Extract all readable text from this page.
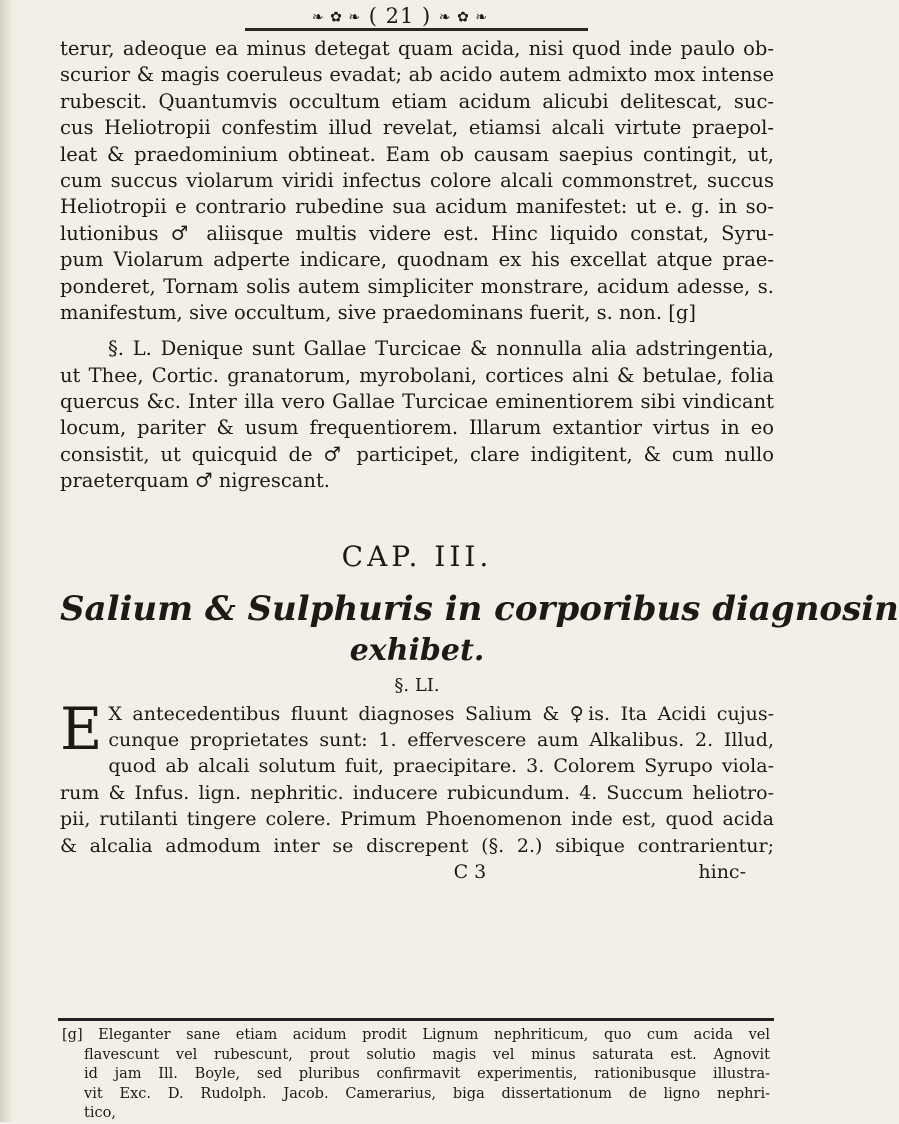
❧ ✿ ❧ ( 21 ) ❧ ✿ ❧
terur, adeoque ea minus detegat quam acida, nisi quod inde paulo ob-
scurior & magis coeruleus evadat; ab acido autem admixto mox intense
rubescit. Quantumvis occultum etiam acidum alicubi delitescat, suc-
cus Heliotropii confestim illud revelat, etiamsi alcali virtute praepol-
leat & praedominium obtineat. Eam ob causam saepius contingit, ut,
cum succus violarum viridi infectus colore alcali commonstret, succus
Heliotropii e contrario rubedine sua acidum manifestet: ut e. g. in so-
lutionibus ♂ aliisque multis videre est. Hinc liquido constat, Syru-
pum Violarum adperte indicare, quodnam ex his excellat atque prae-
ponderet, Tornam solis autem simpliciter monstrare, acidum adesse, s.
manifestum, sive occultum, sive praedominans fuerit, s. non. [g]
§. L. Denique sunt Gallae Turcicae & nonnulla alia adstringentia,
ut Thee, Cortic. granatorum, myrobolani, cortices alni & betulae, folia
quercus &c. Inter illa vero Gallae Turcicae eminentiorem sibi vindicant
locum, pariter & usum frequentiorem. Illarum extantior virtus in eo
consistit, ut quicquid de ♂ participet, clare indigitent, & cum nullo
praeterquam ♂ nigrescant.
CAP. III.
Salium & Sulphuris in corporibus diagnosin
exhibet.
§. LI.
E X antecedentibus fluunt diagnoses Salium & ♀is. Ita Acidi cujus-
cunque proprietates sunt: 1. effervescere aum Alkalibus. 2. Illud,
quod ab alcali solutum fuit, praecipitare. 3. Colorem Syrupo viola-
rum & Infus. lign. nephritic. inducere rubicundum. 4. Succum heliotro-
pii, rutilanti tingere colere. Primum Phoenomenon inde est, quod acida
& alcalia admodum inter se discrepent (§. 2.) sibique contrarientur;
C 3	hinc-
[g] Eleganter sane etiam acidum prodit Lignum nephriticum, quo cum acida vel
flavescunt vel rubescunt, prout solutio magis vel minus saturata est. Agnovit
id jam Ill. Boyle, sed pluribus confirmavit experimentis, rationibusque illustra-
vit Exc. D. Rudolph. Jacob. Camerarius, biga dissertationum de ligno nephri-
tico,
